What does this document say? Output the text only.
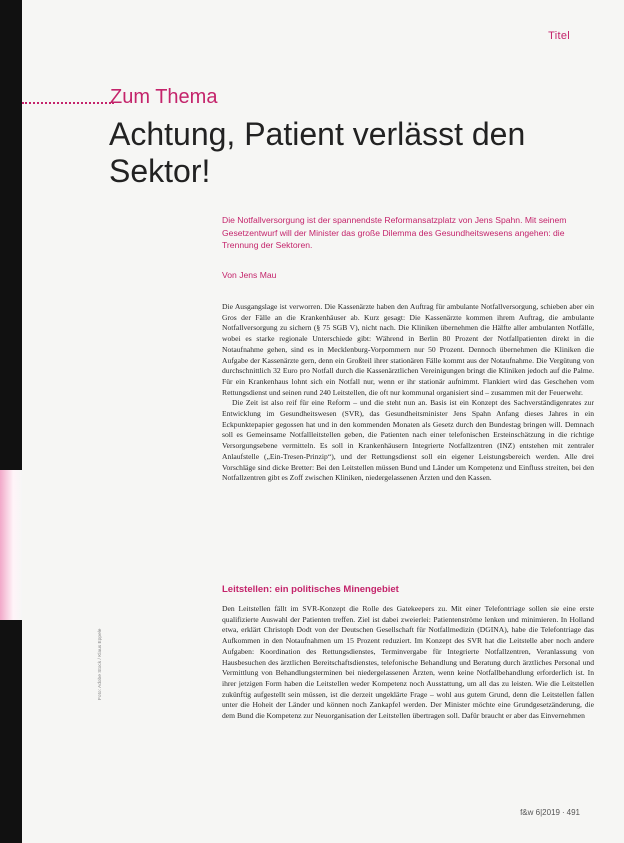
Titel
Zum Thema
Achtung, Patient verlässt den Sektor!
Die Notfallversorgung ist der spannendste Reformansatzplatz von Jens Spahn. Mit seinem Gesetzentwurf will der Minister das große Dilemma des Gesundheitswesens angehen: die Trennung der Sektoren.
Von Jens Mau

Die Ausgangslage ist verworren. Die Kassenärzte haben den Auftrag für ambulante Notfallversorgung, schieben aber ein Gros der Fälle an die Krankenhäuser ab. Kurz gesagt: Die Kassenärzte kommen ihrem Auftrag, die ambulante Notfallversorgung zu sichern (§ 75 SGB V), nicht nach. Die Kliniken übernehmen die Hälfte aller ambulanten Notfälle, wobei es starke regionale Unterschiede gibt: Während in Berlin 80 Prozent der Notfallpatienten direkt in die Notaufnahme gehen, sind es in Mecklenburg-Vorpommern nur 50 Prozent. Dennoch übernehmen die Kliniken die Aufgabe der Kassenärzte gern, denn ein Großteil ihrer stationären Fälle kommt aus der Notaufnahme. Die Vergütung von durchschnittlich 32 Euro pro Notfall durch die Kassenärztlichen Vereinigungen bringt die Kliniken jedoch auf die Palme. Für ein Krankenhaus lohnt sich ein Notfall nur, wenn er ihr stationär aufnimmt. Flankiert wird das Geschehen vom Rettungsdienst und seinen rund 240 Leitstellen, die oft nur kommunal organisiert sind – zusammen mit der Feuerwehr.

Die Zeit ist also reif für eine Reform – und die steht nun an. Basis ist ein Konzept des Sachverständigenrates zur Entwicklung im Gesundheitswesen (SVR), das Gesundheitsminister Jens Spahn Anfang dieses Jahres in ein Eckpunktepapier gegossen hat und in den kommenden Monaten als Gesetz durch den Bundestag bringen will. Demnach soll es Gemeinsame Notfallleitstellen geben, die Patienten nach einer telefonischen Ersteinschätzung in die richtige Versorgungsebene vermitteln. Es soll in Krankenhäusern Integrierte Notfallzentren (INZ) entstehen mit zentraler Anlaufstelle („Ein-Tresen-Prinzip“), und der Rettungsdienst soll ein eigener Leistungsbereich werden. Alle drei Vorschläge sind dicke Bretter: Bei den Leitstellen müssen Bund und Länder um Kompetenz und Einfluss streiten, bei den Notfallzentren gibt es Zoff zwischen Kliniken, niedergelassenen Ärzten und den Kassen.

Leitstellen: ein politisches Minengebiet

Den Leitstellen fällt im SVR-Konzept die Rolle des Gatekeepers zu. Mit einer Telefontriage sollen sie eine erste qualifizierte Auswahl der Patienten treffen. Ziel ist dabei zweierlei: Patientenströme lenken und minimieren. In Holland etwa, erklärt Christoph Dodt von der Deutschen Gesellschaft für Notfallmedizin (DGINA), habe die Telefontriage das Aufkommen in den Notaufnahmen um 15 Prozent reduziert. Im Konzept des SVR hat die Leitstelle aber noch andere Aufgaben: Koordination des Rettungsdienstes, Terminvergabe für Integrierte Notfallzentren, Veranlassung von Hausbesuchen des ärztlichen Bereitschaftsdienstes, telefonische Behandlung und Beratung durch ärztliches Personal und Vermittlung von Behandlungsterminen bei niedergelassenen Ärzten, wenn keine Notfallbehandlung erforderlich ist. In ihrer jetzigen Form haben die Leitstellen weder Kompetenz noch Ausstattung, um all das zu leisten. Wie die Leitstellen zukünftig aufgestellt sein müssen, ist die derzeit ungeklärte Frage – wohl aus gutem Grund, denn die Leitstellen fallen unter die Hoheit der Länder und können noch Zankapfel werden. Der Minister möchte eine Grundgesetzänderung, die dem Bund die Kompetenz zur Neuorganisation der Leitstellen übertragen soll. Dafür braucht er aber das Einvernehmen

Foto: Adobe Stock / Klaus Eppele
f&w 6|2019 · 491
